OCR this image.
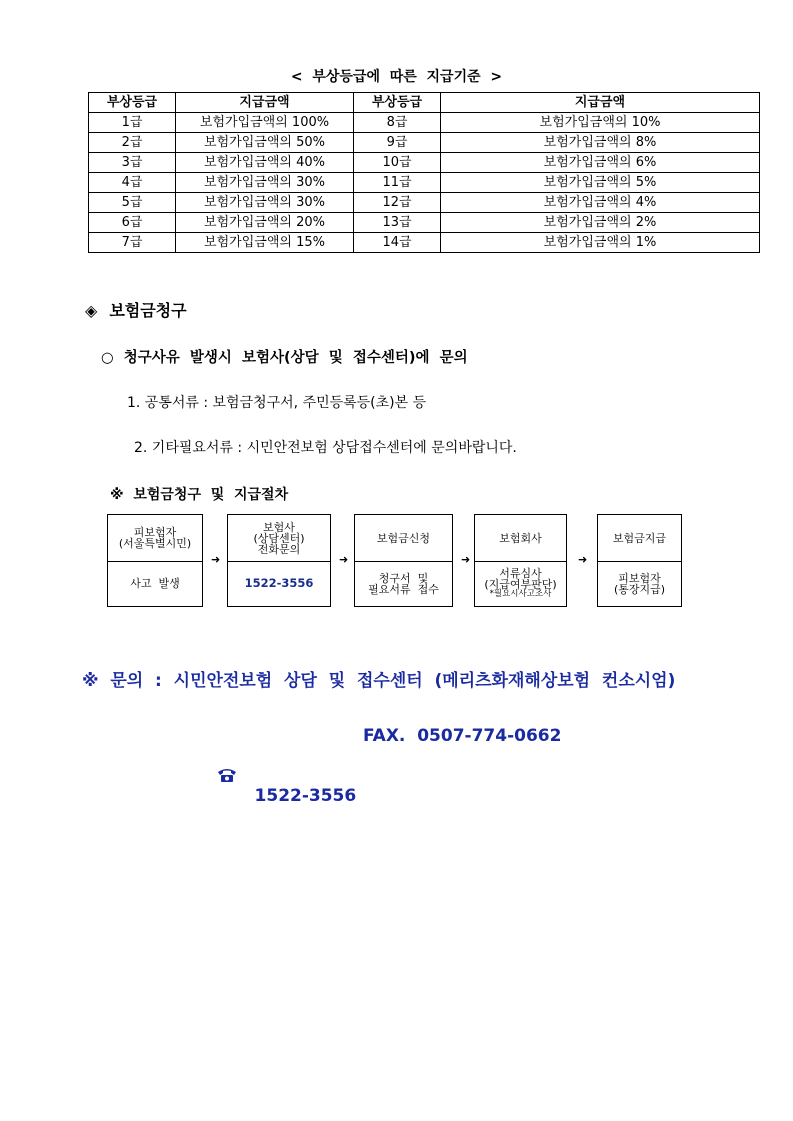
<  부상등급에  따른  지급기준  >
부상등급	지급금액	부상등급	지급금액
1급	보험가입금액의 100%	8급	보험가입금액의 10%
2급	보험가입금액의 50%	9급	보험가입금액의 8%
3급	보험가입금액의 40%	10급	보험가입금액의 6%
4급	보험가입금액의 30%	11급	보험가입금액의 5%
5급	보험가입금액의 30%	12급	보험가입금액의 4%
6급	보험가입금액의 20%	13급	보험가입금액의 2%
7급	보험가입금액의 15%	14급	보험가입금액의 1%
◈ 보험금청구
○  청구사유  발생시  보험사(상담  및  접수센터)에  문의
1. 공통서류 : 보험금청구서, 주민등록등(초)본 등
2. 기타필요서류 : 시민안전보험 상담접수센터에 문의바랍니다.
※  보험금청구  및  지급절차
피보험자
(서울특별시민)
사고  발생
➜
보험사
(상담센터)
전화문의
1522-3556
➜
보험금신청
청구서  및
필요서류  접수
➜
보험회사
서류심사
(지급여부판단)
*필요시사고조사
➜
보험금지급
피보험자
(통장지급)
※  문의  :  시민안전보험  상담  및  접수센터  (메리츠화재해상보험  컨소시엄)

1522-3556

FAX.  0507-774-0662
